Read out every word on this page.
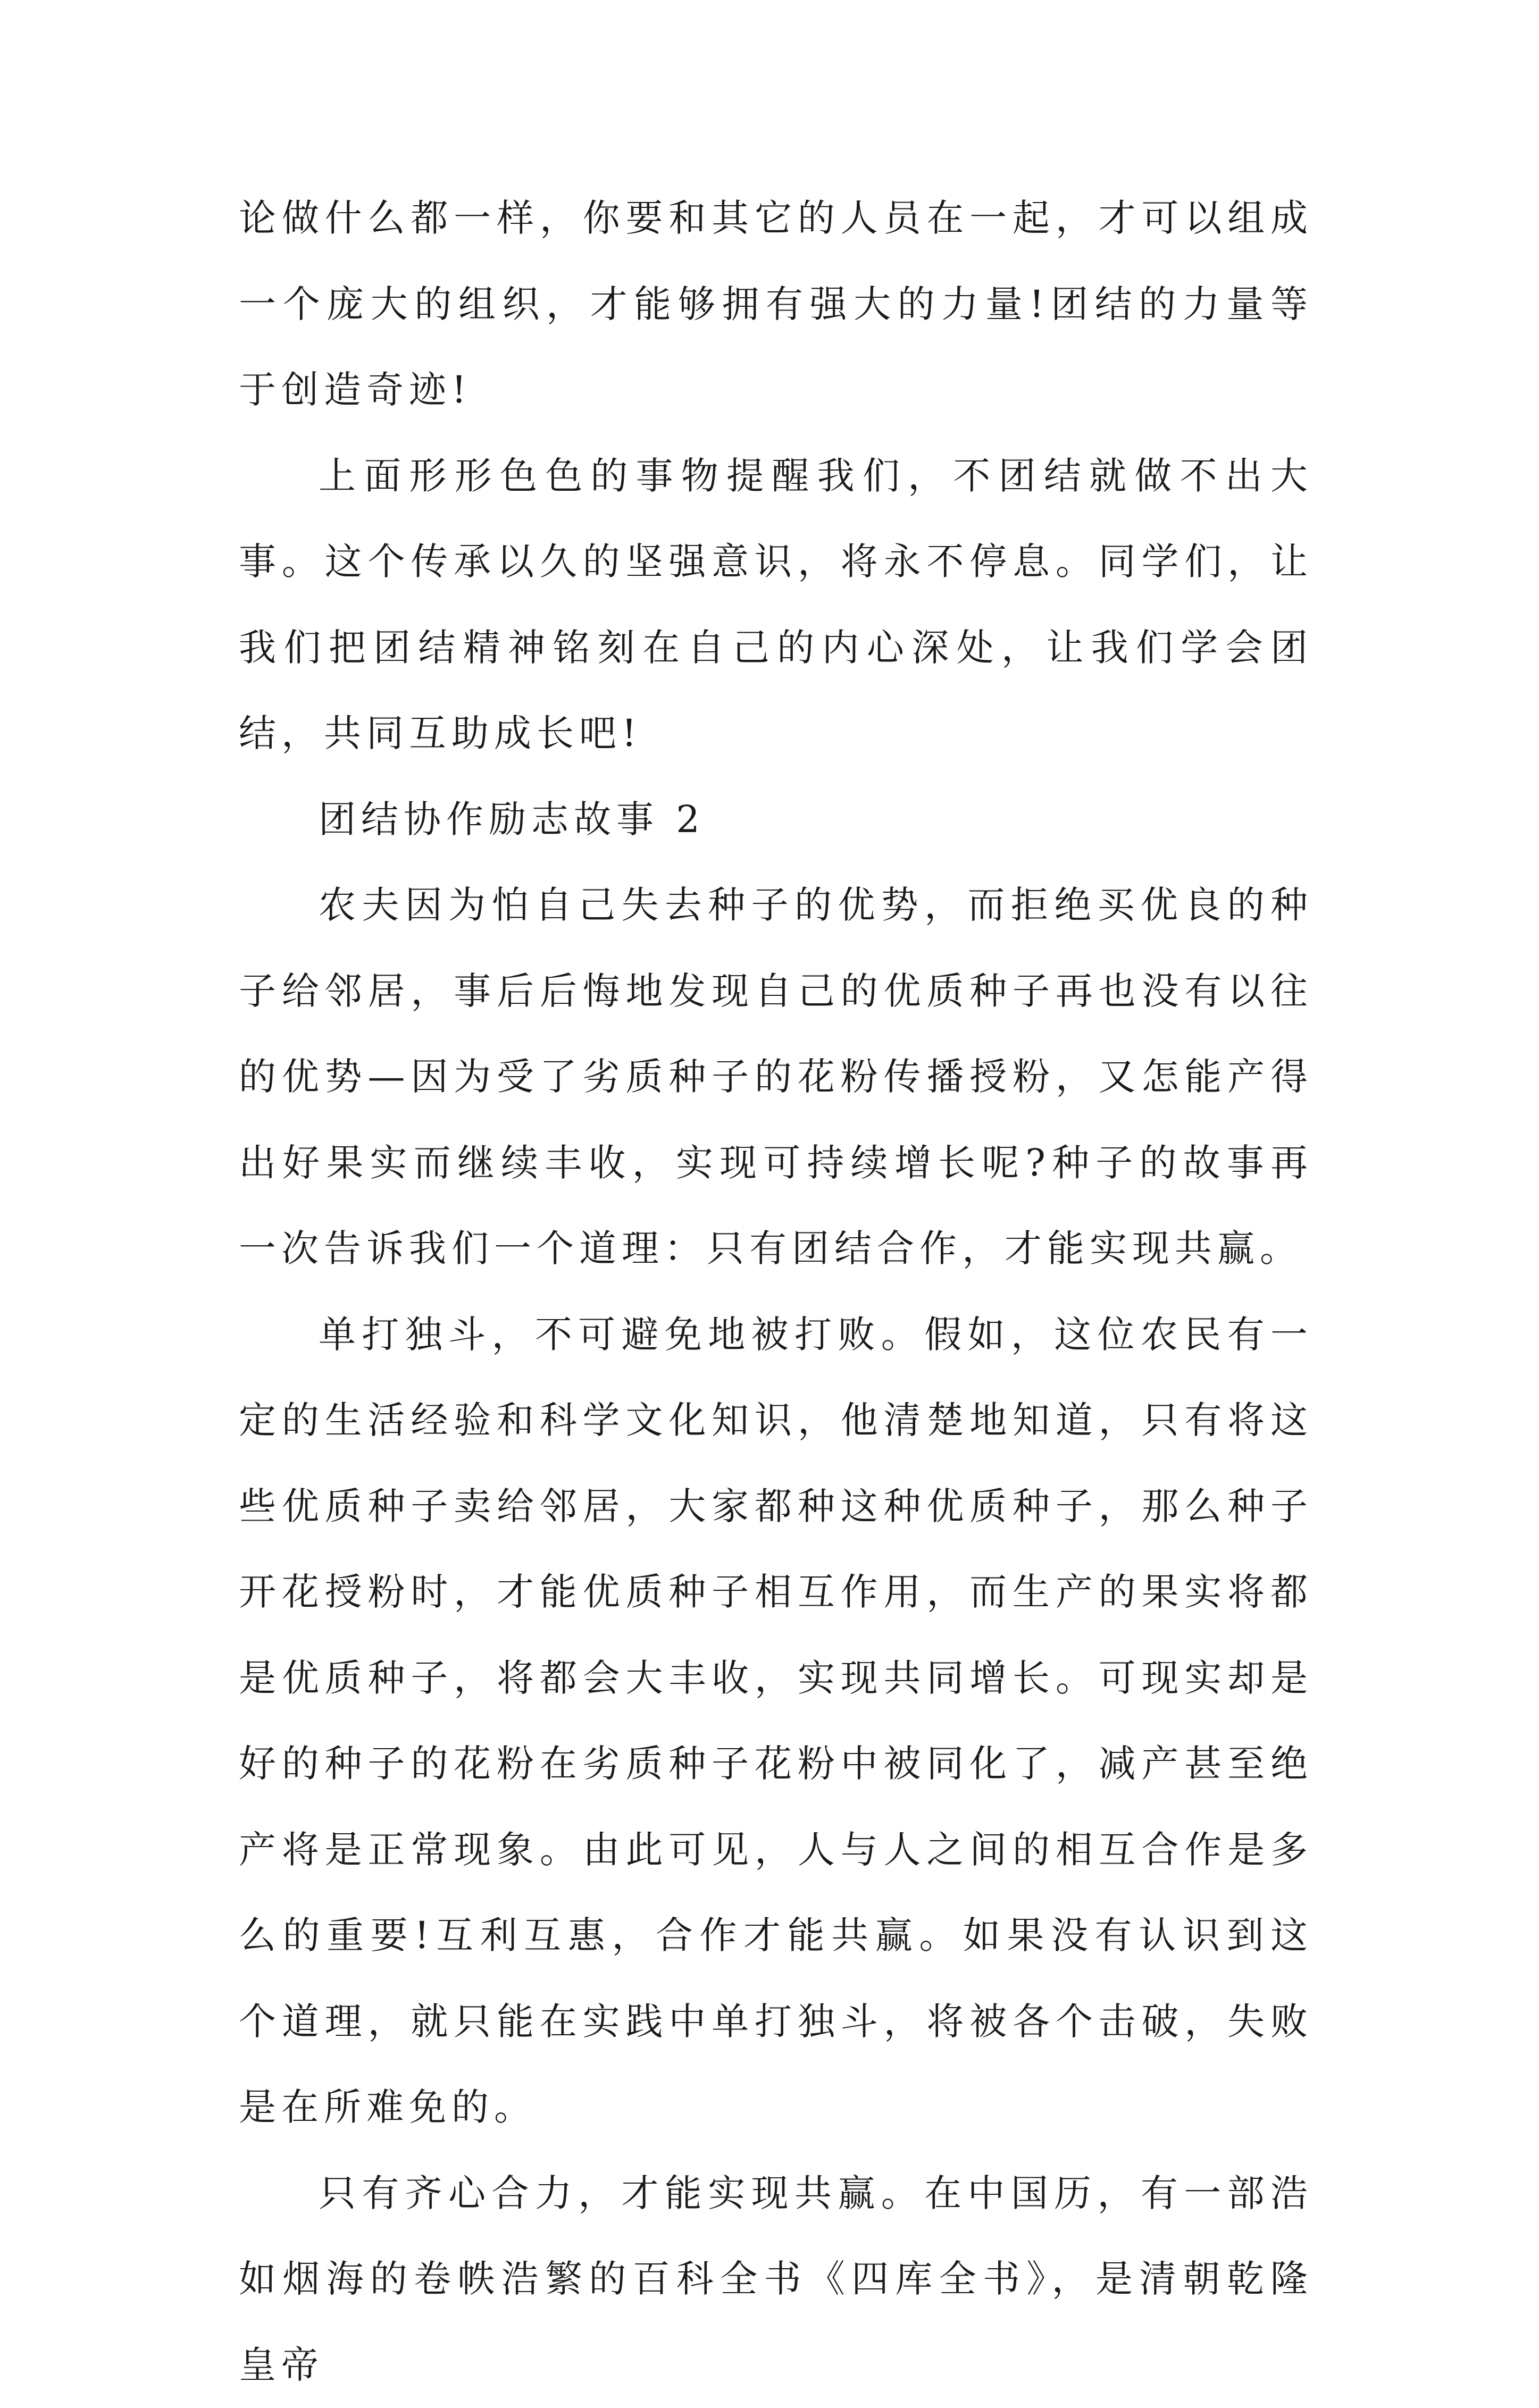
论做什么都一样，你要和其它的人员在一起，才可以组成一个庞大的组织，才能够拥有强大的力量!团结的力量等于创造奇迹!

上面形形色色的事物提醒我们，不团结就做不出大事。这个传承以久的坚强意识，将永不停息。同学们，让我们把团结精神铭刻在自己的内心深处，让我们学会团结，共同互助成长吧!

团结协作励志故事 2

农夫因为怕自己失去种子的优势，而拒绝买优良的种子给邻居，事后后悔地发现自己的优质种子再也没有以往的优势—因为受了劣质种子的花粉传播授粉，又怎能产得出好果实而继续丰收，实现可持续增长呢?种子的故事再一次告诉我们一个道理：只有团结合作，才能实现共赢。

单打独斗，不可避免地被打败。假如，这位农民有一定的生活经验和科学文化知识，他清楚地知道，只有将这些优质种子卖给邻居，大家都种这种优质种子，那么种子开花授粉时，才能优质种子相互作用，而生产的果实将都是优质种子，将都会大丰收，实现共同增长。可现实却是好的种子的花粉在劣质种子花粉中被同化了，减产甚至绝产将是正常现象。由此可见，人与人之间的相互合作是多么的重要!互利互惠，合作才能共赢。如果没有认识到这个道理，就只能在实践中单打独斗，将被各个击破，失败是在所难免的。

只有齐心合力，才能实现共赢。在中国历，有一部浩如烟海的卷帙浩繁的百科全书《四库全书》，是清朝乾隆皇帝
